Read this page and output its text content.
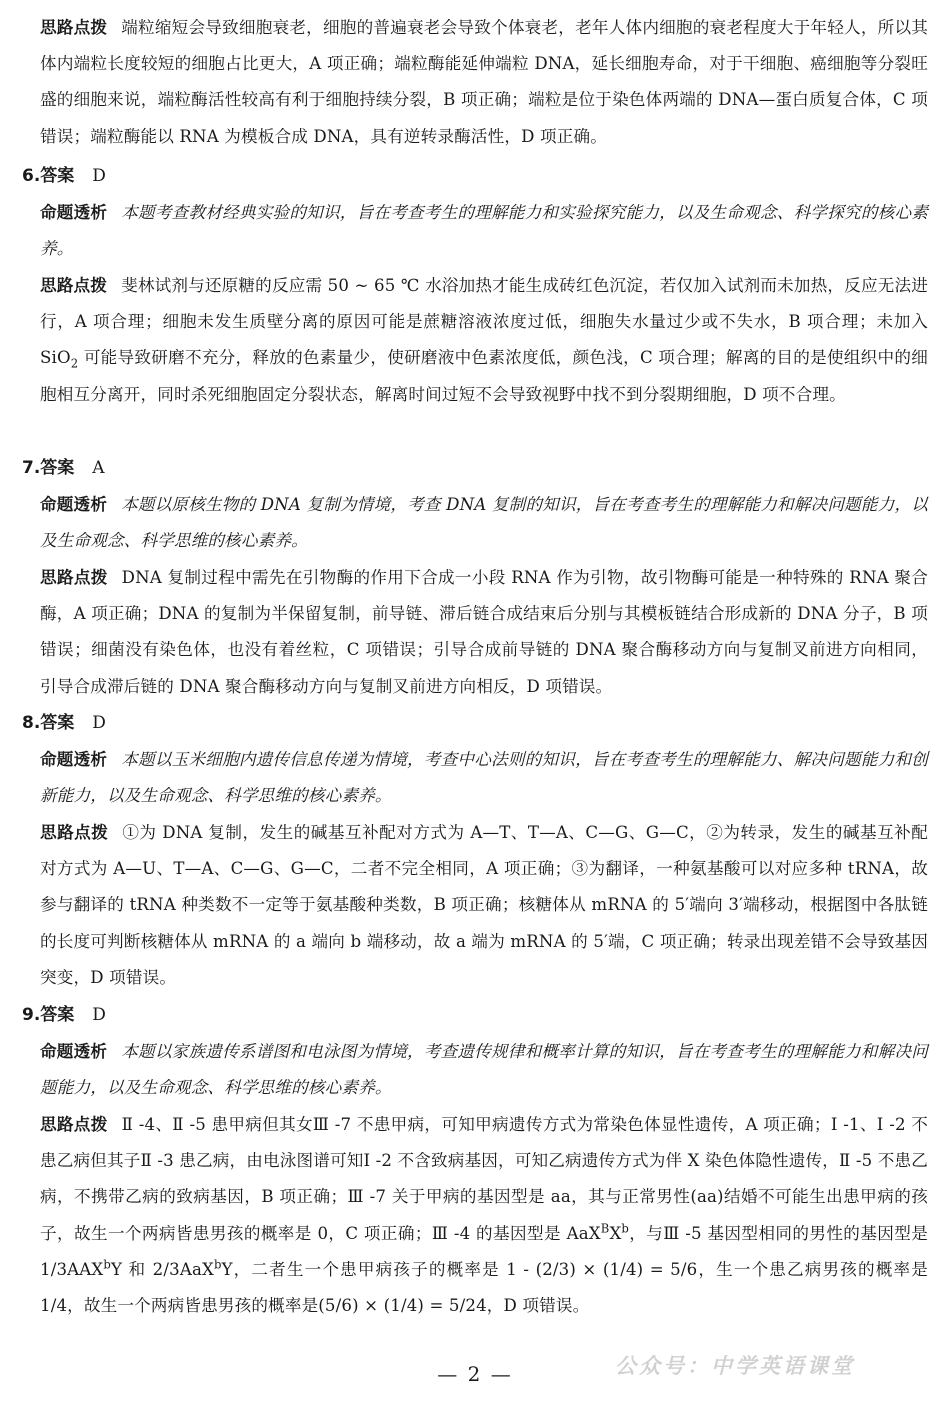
思路点拨 端粒缩短会导致细胞衰老，细胞的普遍衰老会导致个体衰老，老年人体内细胞的衰老程度大于年轻人，所以其体内端粒长度较短的细胞占比更大，A 项正确；端粒酶能延伸端粒 DNA，延长细胞寿命，对于干细胞、癌细胞等分裂旺盛的细胞来说，端粒酶活性较高有利于细胞持续分裂，B 项正确；端粒是位于染色体两端的 DNA—蛋白质复合体，C 项错误；端粒酶能以 RNA 为模板合成 DNA，具有逆转录酶活性，D 项正确。
6.答案 D
命题透析 本题考查教材经典实验的知识，旨在考查考生的理解能力和实验探究能力，以及生命观念、科学探究的核心素养。
思路点拨 斐林试剂与还原糖的反应需 50 ~ 65 ℃ 水浴加热才能生成砖红色沉淀，若仅加入试剂而未加热，反应无法进行，A 项合理；细胞未发生质壁分离的原因可能是蔗糖溶液浓度过低，细胞失水量过少或不失水，B 项合理；未加入 SiO$_2$ 可能导致研磨不充分，释放的色素量少，使研磨液中色素浓度低，颜色浅，C 项合理；解离的目的是使组织中的细胞相互分离开，同时杀死细胞固定分裂状态，解离时间过短不会导致视野中找不到分裂期细胞，D 项不合理。
7.答案 A
命题透析 本题以原核生物的 DNA 复制为情境，考查 DNA 复制的知识，旨在考查考生的理解能力和解决问题能力，以及生命观念、科学思维的核心素养。
思路点拨 DNA 复制过程中需先在引物酶的作用下合成一小段 RNA 作为引物，故引物酶可能是一种特殊的 RNA 聚合酶，A 项正确；DNA 的复制为半保留复制，前导链、滞后链合成结束后分别与其模板链结合形成新的 DNA 分子，B 项错误；细菌没有染色体，也没有着丝粒，C 项错误；引导合成前导链的 DNA 聚合酶移动方向与复制叉前进方向相同，引导合成滞后链的 DNA 聚合酶移动方向与复制叉前进方向相反，D 项错误。
8.答案 D
命题透析 本题以玉米细胞内遗传信息传递为情境，考查中心法则的知识，旨在考查考生的理解能力、解决问题能力和创新能力，以及生命观念、科学思维的核心素养。
思路点拨 ①为 DNA 复制，发生的碱基互补配对方式为 A—T、T—A、C—G、G—C，②为转录，发生的碱基互补配对方式为 A—U、T—A、C—G、G—C，二者不完全相同，A 项正确；③为翻译，一种氨基酸可以对应多种 tRNA，故参与翻译的 tRNA 种类数不一定等于氨基酸种类数，B 项正确；核糖体从 mRNA 的 5′端向 3′端移动，根据图中各肽链的长度可判断核糖体从 mRNA 的 a 端向 b 端移动，故 a 端为 mRNA 的 5′端，C 项正确；转录出现差错不会导致基因突变，D 项错误。
9.答案 D
命题透析 本题以家族遗传系谱图和电泳图为情境，考查遗传规律和概率计算的知识，旨在考查考生的理解能力和解决问题能力，以及生命观念、科学思维的核心素养。
思路点拨 Ⅱ -4、Ⅱ -5 患甲病但其女Ⅲ -7 不患甲病，可知甲病遗传方式为常染色体显性遗传，A 项正确；Ⅰ -1、Ⅰ -2 不患乙病但其子Ⅱ -3 患乙病，由电泳图谱可知Ⅰ -2 不含致病基因，可知乙病遗传方式为伴 X 染色体隐性遗传，Ⅱ -5 不患乙病，不携带乙病的致病基因，B 项正确；Ⅲ -7 关于甲病的基因型是 aa，其与正常男性(aa)结婚不可能生出患甲病的孩子，故生一个两病皆患男孩的概率是 0，C 项正确；Ⅲ -4 的基因型是 $AaX^BX^b$，与Ⅲ -5 基因型相同的男性的基因型是 1/3AAX$^b$Y 和 2/3AaX$^b$Y，二者生一个患甲病孩子的概率是 1 - (2/3) × (1/4) = 5/6，生一个患乙病男孩的概率是 1/4，故生一个两病皆患男孩的概率是(5/6) × (1/4) = 5/24，D 项错误。
— 2 —	公众号：中学英语课堂
